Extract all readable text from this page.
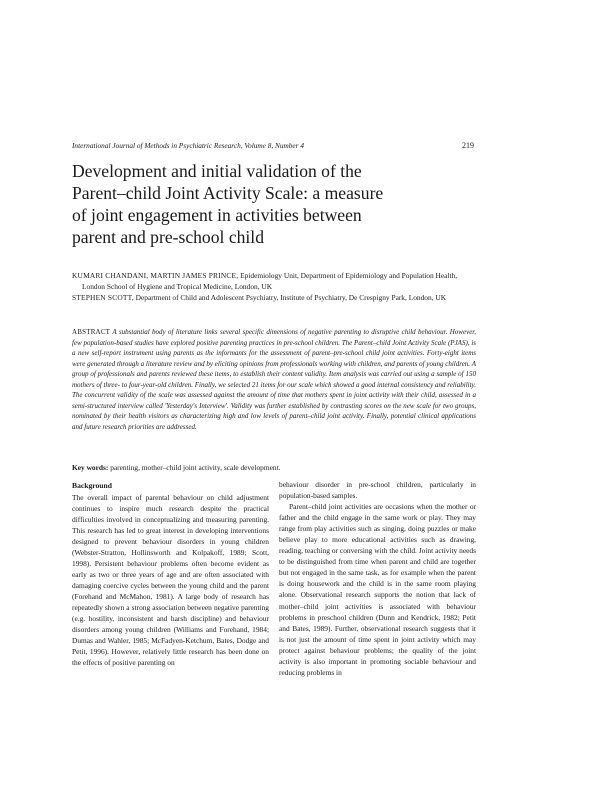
International Journal of Methods in Psychiatric Research, Volume 8, Number 4	219
Development and initial validation of the
Parent–child Joint Activity Scale: a measure
of joint engagement in activities between
parent and pre-school child
KUMARI CHANDANI, MARTIN JAMES PRINCE, Epidemiology Unit, Department of Epidemiology and Population Health, London School of Hygiene and Tropical Medicine, London, UK
STEPHEN SCOTT, Department of Child and Adolescent Psychiatry, Institute of Psychiatry, De Crespigny Park, London, UK
ABSTRACT A substantial body of literature links several specific dimensions of negative parenting to disruptive child behaviour. However, few population-based studies have explored positive parenting practices in pre-school children. The Parent–child Joint Activity Scale (PJAS), is a new self-report instrument using parents as the informants for the assessment of parent–pre-school child joint activities. Forty-eight items were generated through a literature review and by eliciting opinions from professionals working with children, and parents of young children. A group of professionals and parents reviewed these items, to establish their content validity. Item analysis was carried out using a sample of 150 mothers of three- to four-year-old children. Finally, we selected 21 items for our scale which showed a good internal consistency and reliability. The concurrent validity of the scale was assessed against the amount of time that mothers spent in joint activity with their child, assessed in a semi-structured interview called 'Yesterday's Interview'. Validity was further established by contrasting scores on the new scale for two groups, nominated by their health visitors as characterizing high and low levels of parent–child joint activity. Finally, potential clinical applications and future research priorities are addressed.
Key words: parenting, mother–child joint activity, scale development.
Background

The overall impact of parental behaviour on child adjustment continues to inspire much research despite the practical difficulties involved in conceptualizing and measuring parenting. This research has led to great interest in developing interventions designed to prevent behaviour disorders in young children (Webster-Stratton, Hollinsworth and Kolpakoff, 1989; Scott, 1998). Persistent behaviour problems often become evident as early as two or three years of age and are often associated with damaging coercive cycles between the young child and the parent (Forehand and McMahon, 1981). A large body of research has repeatedly shown a strong association between negative parenting (e.g. hostility, inconsistent and harsh discipline) and behaviour disorders among young children (Williams and Forehand, 1984; Dumas and Wahler, 1985; McFadyen-Ketchum, Bates, Dodge and Petit, 1996). However, relatively little research has been done on the effects of positive parenting on

behaviour disorder in pre-school children, particularly in population-based samples.

Parent–child joint activities are occasions when the mother or father and the child engage in the same work or play. They may range from play activities such as singing, doing puzzles or make believe play to more educational activities such as drawing, reading, teaching or conversing with the child. Joint activity needs to be distinguished from time when parent and child are together but not engaged in the same task, as for example when the parent is doing housework and the child is in the same room playing alone. Observational research supports the notion that lack of mother–child joint activities is associated with behaviour problems in preschool children (Dunn and Kendrick, 1982; Petit and Bates, 1989). Further, observational research suggests that it is not just the amount of time spent in joint activity which may protect against behaviour problems; the quality of the joint activity is also important in promoting sociable behaviour and reducing problems in
